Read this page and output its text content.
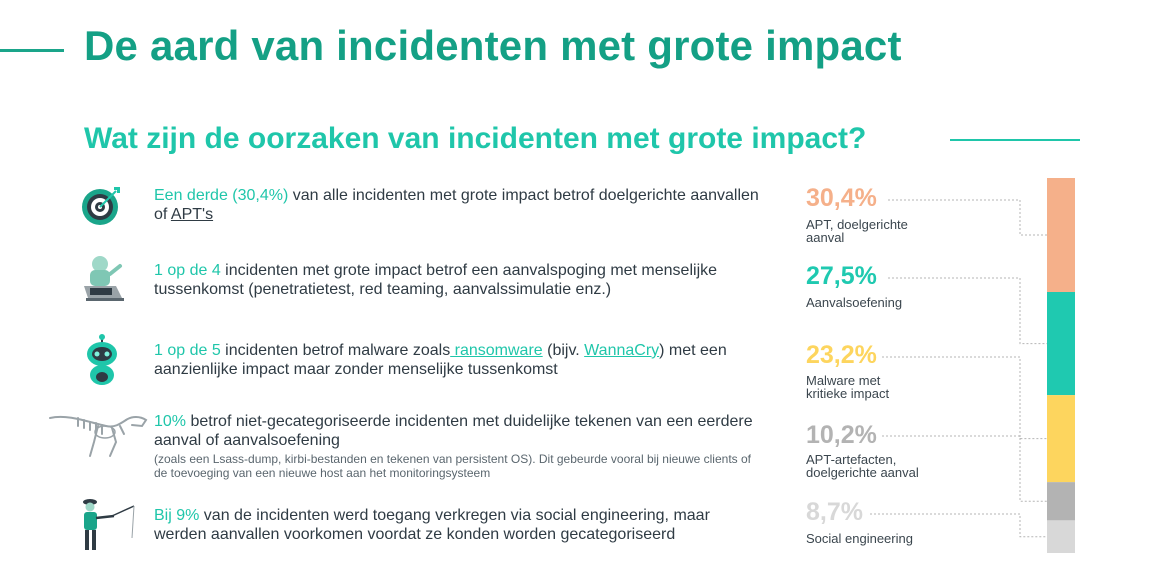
De aard van incidenten met grote impact
Wat zijn de oorzaken van incidenten met grote impact?
Een derde (30,4%) van alle incidenten met grote impact betrof doelgerichte aanvallen of APT's
1 op de 4 incidenten met grote impact betrof een aanvalspoging met menselijke tussenkomst (penetratietest, red teaming, aanvalssimulatie enz.)
1 op de 5 incidenten betrof malware zoals ransomware (bijv. WannaCry) met een aanzienlijke impact maar zonder menselijke tussenkomst
10% betrof niet-gecategoriseerde incidenten met duidelijke tekenen van een eerdere aanval of aanvalsoefening
(zoals een Lsass-dump, kirbi-bestanden en tekenen van persistent OS). Dit gebeurde vooral bij nieuwe clients of de toevoeging van een nieuwe host aan het monitoringsysteem
Bij 9% van de incidenten werd toegang verkregen via social engineering, maar werden aanvallen voorkomen voordat ze konden worden gecategoriseerd
30,4%
APT, doelgerichte aanval
27,5%
Aanvalsoefening
23,2%
Malware met kritieke impact
10,2%
APT-artefacten, doelgerichte aanval
8,7%
Social engineering
